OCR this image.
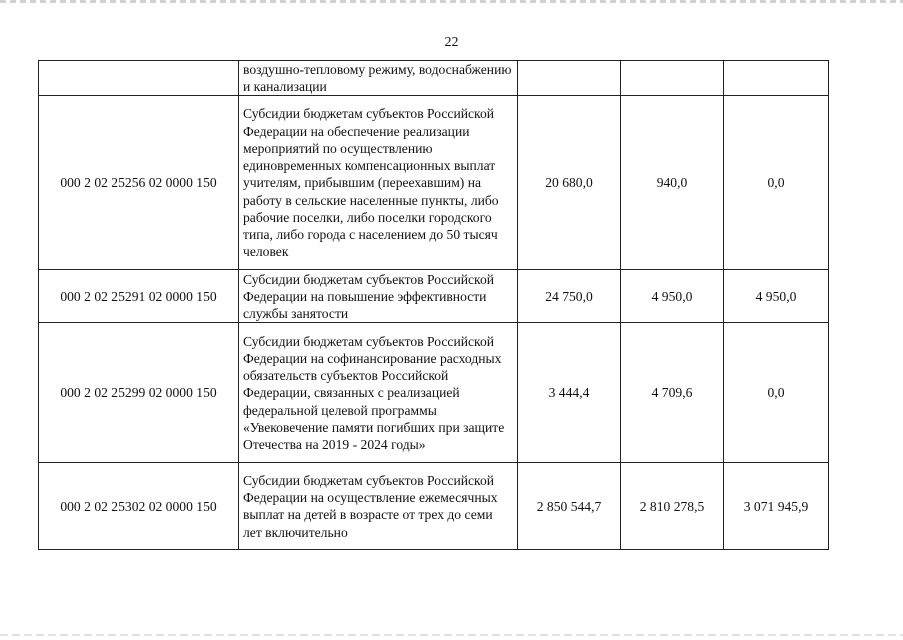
22
	воздушно-тепловому режиму, водоснабжению и канализации			
000 2 02 25256 02 0000 150	Субсидии бюджетам субъектов Российской Федерации на обеспечение реализации мероприятий по осуществлению единовременных компенсационных выплат учителям, прибывшим (переехавшим) на работу в сельские населенные пункты, либо рабочие поселки, либо поселки городского типа, либо города с населением до 50 тысяч человек	20 680,0	940,0	0,0
000 2 02 25291 02 0000 150	Субсидии бюджетам субъектов Российской Федерации на повышение эффективности службы занятости	24 750,0	4 950,0	4 950,0
000 2 02 25299 02 0000 150	Субсидии бюджетам субъектов Российской Федерации на софинансирование расходных обязательств субъектов Российской Федерации, связанных с реализацией федеральной целевой программы «Увековечение памяти погибших при защите Отечества на 2019 - 2024 годы»	3 444,4	4 709,6	0,0
000 2 02 25302 02 0000 150	Субсидии бюджетам субъектов Российской Федерации на осуществление ежемесячных выплат на детей в возрасте от трех до семи лет включительно	2 850 544,7	2 810 278,5	3 071 945,9
